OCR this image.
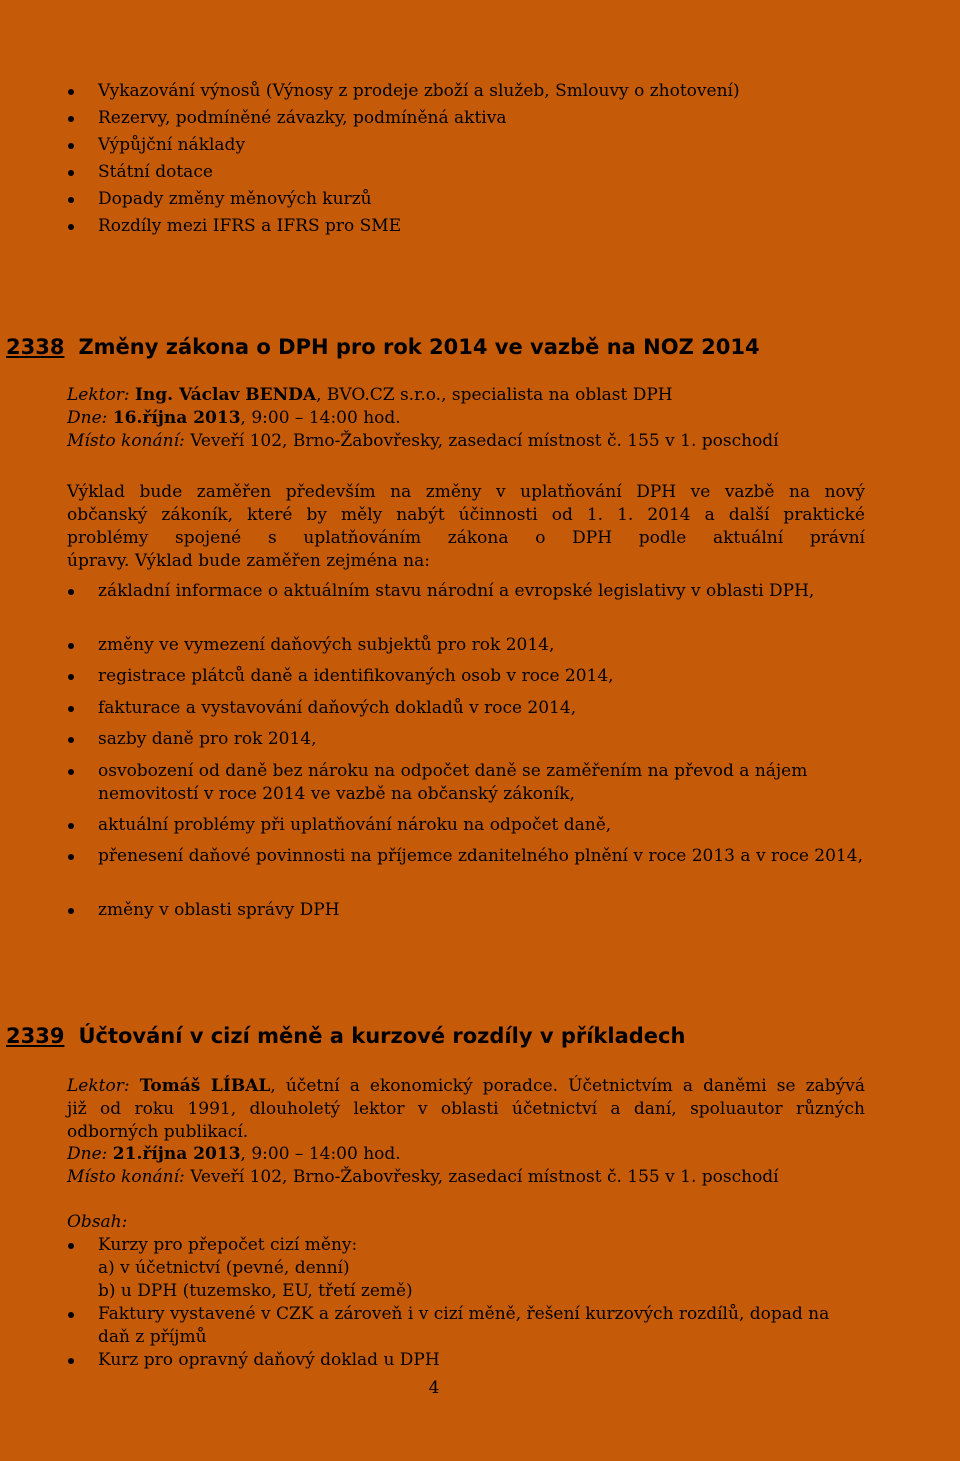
Vykazování výnosů (Výnosy z prodeje zboží a služeb, Smlouvy o zhotovení)
Rezervy, podmíněné závazky, podmíněná aktiva
Výpůjční náklady
Státní dotace
Dopady změny měnových kurzů
Rozdíly mezi IFRS a IFRS pro SME
2338 Změny zákona o DPH pro rok 2014 ve vazbě na NOZ 2014
Lektor: Ing. Václav BENDA, BVO.CZ s.r.o., specialista na oblast DPH
Dne: 16.října 2013, 9:00 – 14:00 hod.
Místo konání: Veveří 102, Brno-Žabovřesky, zasedací místnost č. 155 v 1. poschodí
Výklad bude zaměřen především na změny v uplatňování DPH ve vazbě na nový
občanský zákoník, které by měly nabýt účinnosti od 1. 1. 2014 a další praktické
problémy spojené s uplatňováním zákona o DPH podle aktuální právní
úpravy. Výklad bude zaměřen zejména na:
základní informace o aktuálním stavu národní a evropské legislativy v oblasti DPH,
změny ve vymezení daňových subjektů pro rok 2014,
registrace plátců daně a identifikovaných osob v roce 2014,
fakturace a vystavování daňových dokladů v roce 2014,
sazby daně pro rok 2014,
osvobození od daně bez nároku na odpočet daně se zaměřením na převod a nájem nemovitostí v roce 2014 ve vazbě na občanský zákoník,
aktuální problémy při uplatňování nároku na odpočet daně,
přenesení daňové povinnosti na příjemce zdanitelného plnění v roce 2013 a v roce 2014,
změny v oblasti správy DPH
2339 Účtování v cizí měně a kurzové rozdíly v příkladech
Lektor: Tomáš LÍBAL, účetní a ekonomický poradce. Účetnictvím a daněmi se zabývá
již od roku 1991, dlouholetý lektor v oblasti účetnictví a daní, spoluautor různých
odborných publikací.
Dne: 21.října 2013, 9:00 – 14:00 hod.
Místo konání: Veveří 102, Brno-Žabovřesky, zasedací místnost č. 155 v 1. poschodí
Obsah:
Kurzy pro přepočet cizí měny:
a) v účetnictví (pevné, denní)
b) u DPH (tuzemsko, EU, třetí země)
Faktury vystavené v CZK a zároveň i v cizí měně, řešení kurzových rozdílů, dopad na daň z příjmů
Kurz pro opravný daňový doklad u DPH
4
